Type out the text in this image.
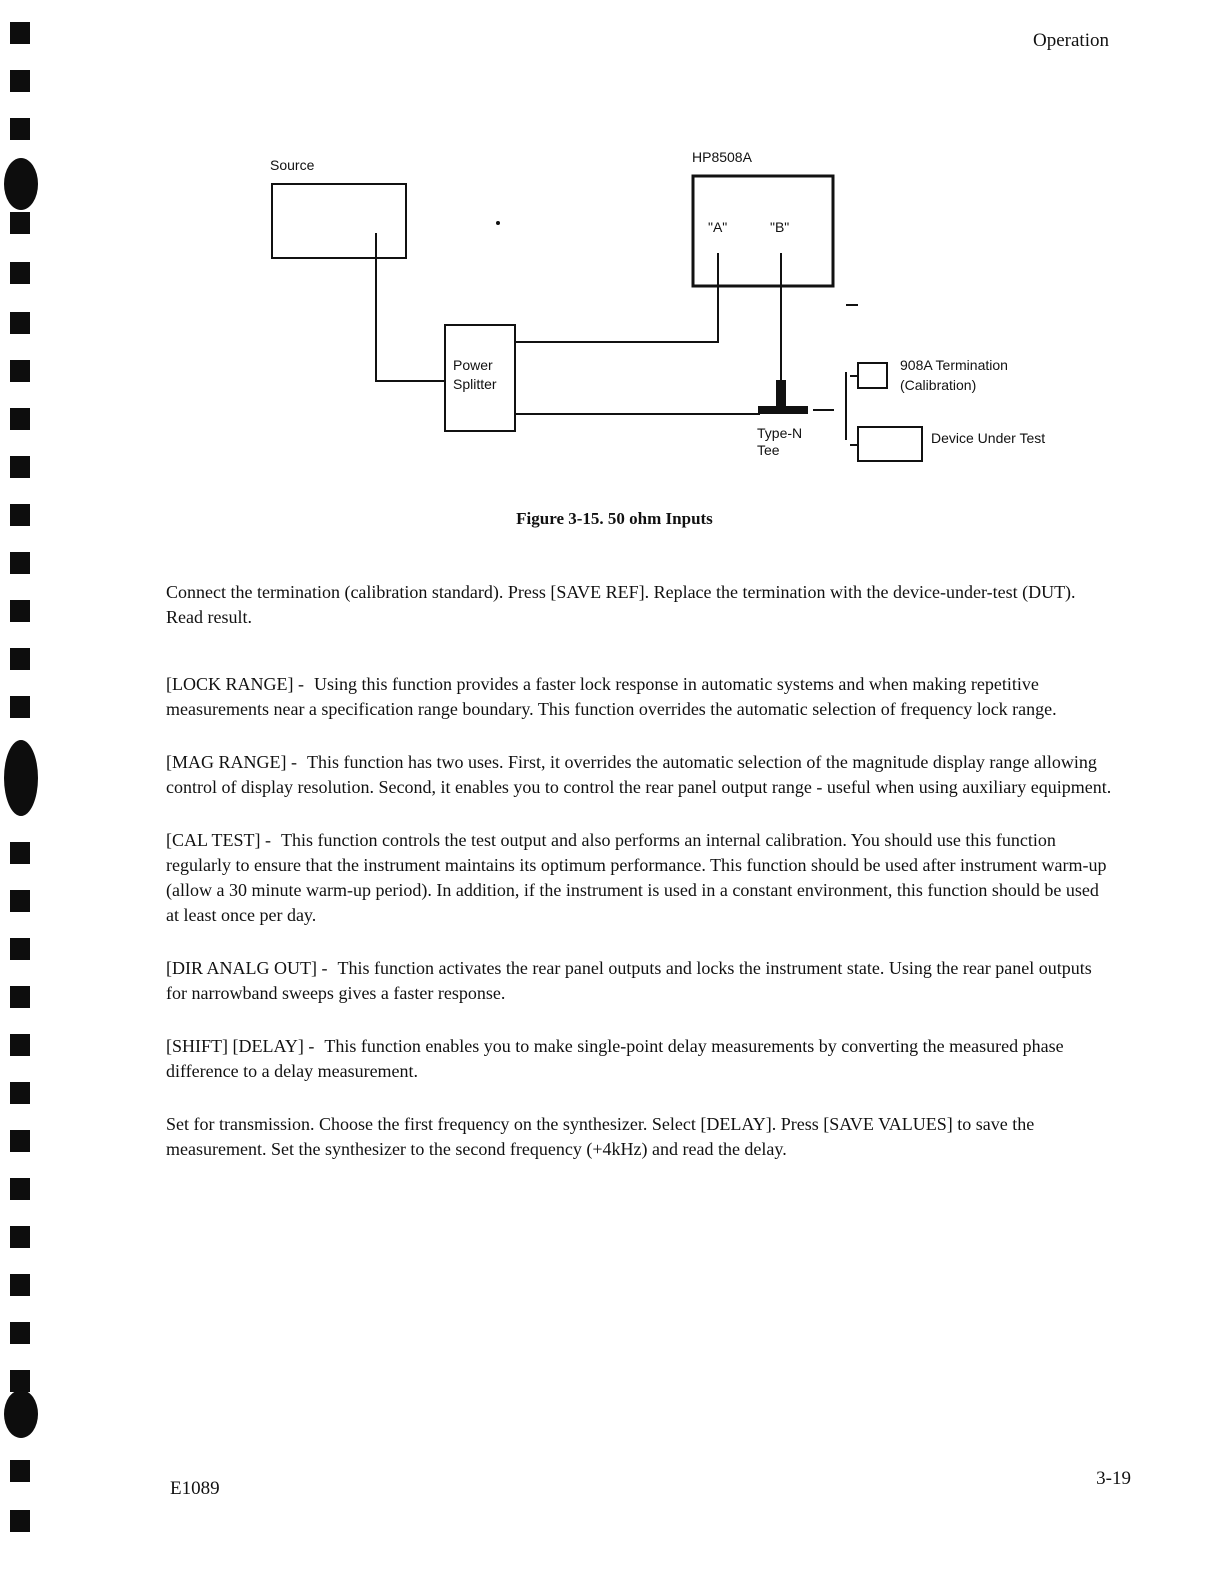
Operation
Source	HP8508A
"A"	"B"
Power
Splitter
908A Termination
(Calibration)
Device Under Test
Type-N
Tee
Figure 3-15. 50 ohm Inputs

Connect the termination (calibration standard). Press [SAVE REF]. Replace the termination with the device-under-test (DUT). Read result.

[LOCK RANGE] - Using this function provides a faster lock response in automatic systems and when making repetitive measurements near a specification range boundary. This function overrides the automatic selection of frequency lock range.

[MAG RANGE] - This function has two uses. First, it overrides the automatic selection of the magnitude display range allowing control of display resolution. Second, it enables you to control the rear panel output range - useful when using auxiliary equipment.

[CAL TEST] - This function controls the test output and also performs an internal calibration. You should use this function regularly to ensure that the instrument maintains its optimum performance. This function should be used after instrument warm-up (allow a 30 minute warm-up period). In addition, if the instrument is used in a constant environment, this function should be used at least once per day.

[DIR ANALG OUT] - This function activates the rear panel outputs and locks the instrument state. Using the rear panel outputs for narrowband sweeps gives a faster response.

[SHIFT] [DELAY] - This function enables you to make single-point delay measurements by converting the measured phase difference to a delay measurement.

Set for transmission. Choose the first frequency on the synthesizer. Select [DELAY]. Press [SAVE VALUES] to save the measurement. Set the synthesizer to the second frequency (+4kHz) and read the delay.

E1089	3-19
